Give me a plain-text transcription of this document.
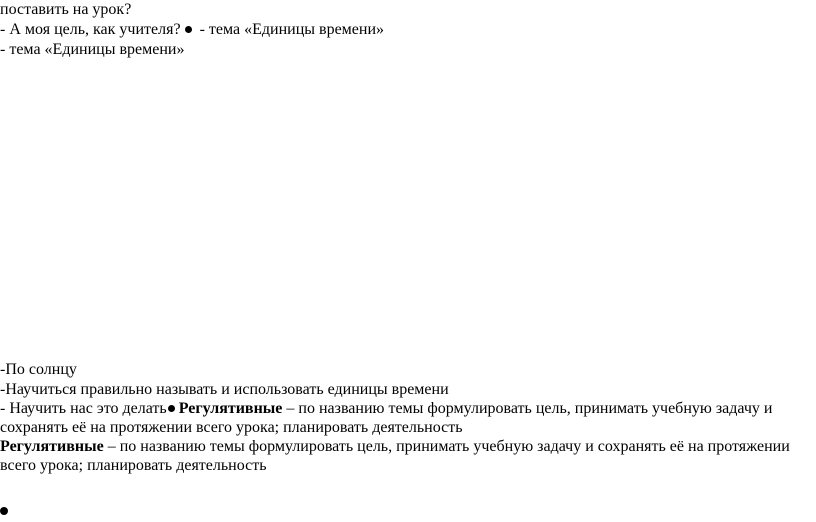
поставить на урок?
- А моя цель, как учителя? - тема «Единицы времени»
- тема «Единицы времени»
-По солнцу
-Научиться правильно называть и использовать единицы времени
- Научить нас это делать Регулятивные – по названию темы формулировать цель, принимать учебную задачу и
сохранять её на протяжении всего урока; планировать деятельность
Регулятивные – по названию темы формулировать цель, принимать учебную задачу и сохранять её на протяжении
всего урока; планировать деятельность
